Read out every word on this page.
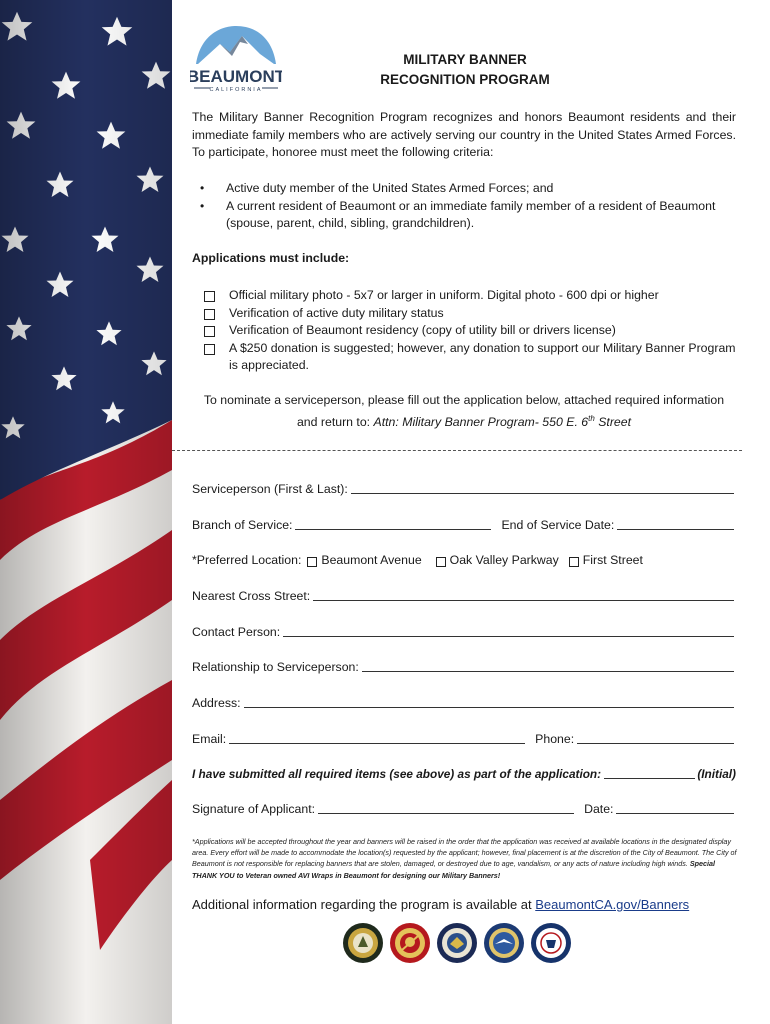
BEAUMONT
CALIFORNIA
MILITARY BANNER
RECOGNITION PROGRAM
The Military Banner Recognition Program recognizes and honors Beaumont residents and their immediate family members who are actively serving our country in the United States Armed Forces. To participate, honoree must meet the following criteria:
•	Active duty member of the United States Armed Forces; and
•	A current resident of Beaumont or an immediate family member of a resident of Beaumont (spouse, parent, child, sibling, grandchildren).
Applications must include:
Official military photo - 5x7 or larger in uniform. Digital photo - 600 dpi or higher
Verification of active duty military status
Verification of Beaumont residency (copy of utility bill or drivers license)
A $250 donation is suggested; however, any donation to support our Military Banner Program is appreciated.
To nominate a serviceperson, please fill out the application below, attached required information and return to: Attn: Military Banner Program- 550 E. 6th Street
Serviceperson (First & Last):
Branch of Service:	End of Service Date:
*Preferred Location: Beaumont Avenue Oak Valley Parkway First Street
Nearest Cross Street:
Contact Person:
Relationship to Serviceperson:
Address:
Email:	Phone:
I have submitted all required items (see above) as part of the application:	(Initial)
Signature of Applicant:	Date:
*Applications will be accepted throughout the year and banners will be raised in the order that the application was received at available locations in the designated display area. Every effort will be made to accommodate the location(s) requested by the applicant; however, final placement is at the discretion of the City of Beaumont. The City of Beaumont is not responsible for replacing banners that are stolen, damaged, or destroyed due to age, vandalism, or any acts of nature including high winds. Special THANK YOU to Veteran owned AVI Wraps in Beaumont for designing our Military Banners!
Additional information regarding the program is available at BeaumontCA.gov/Banners
